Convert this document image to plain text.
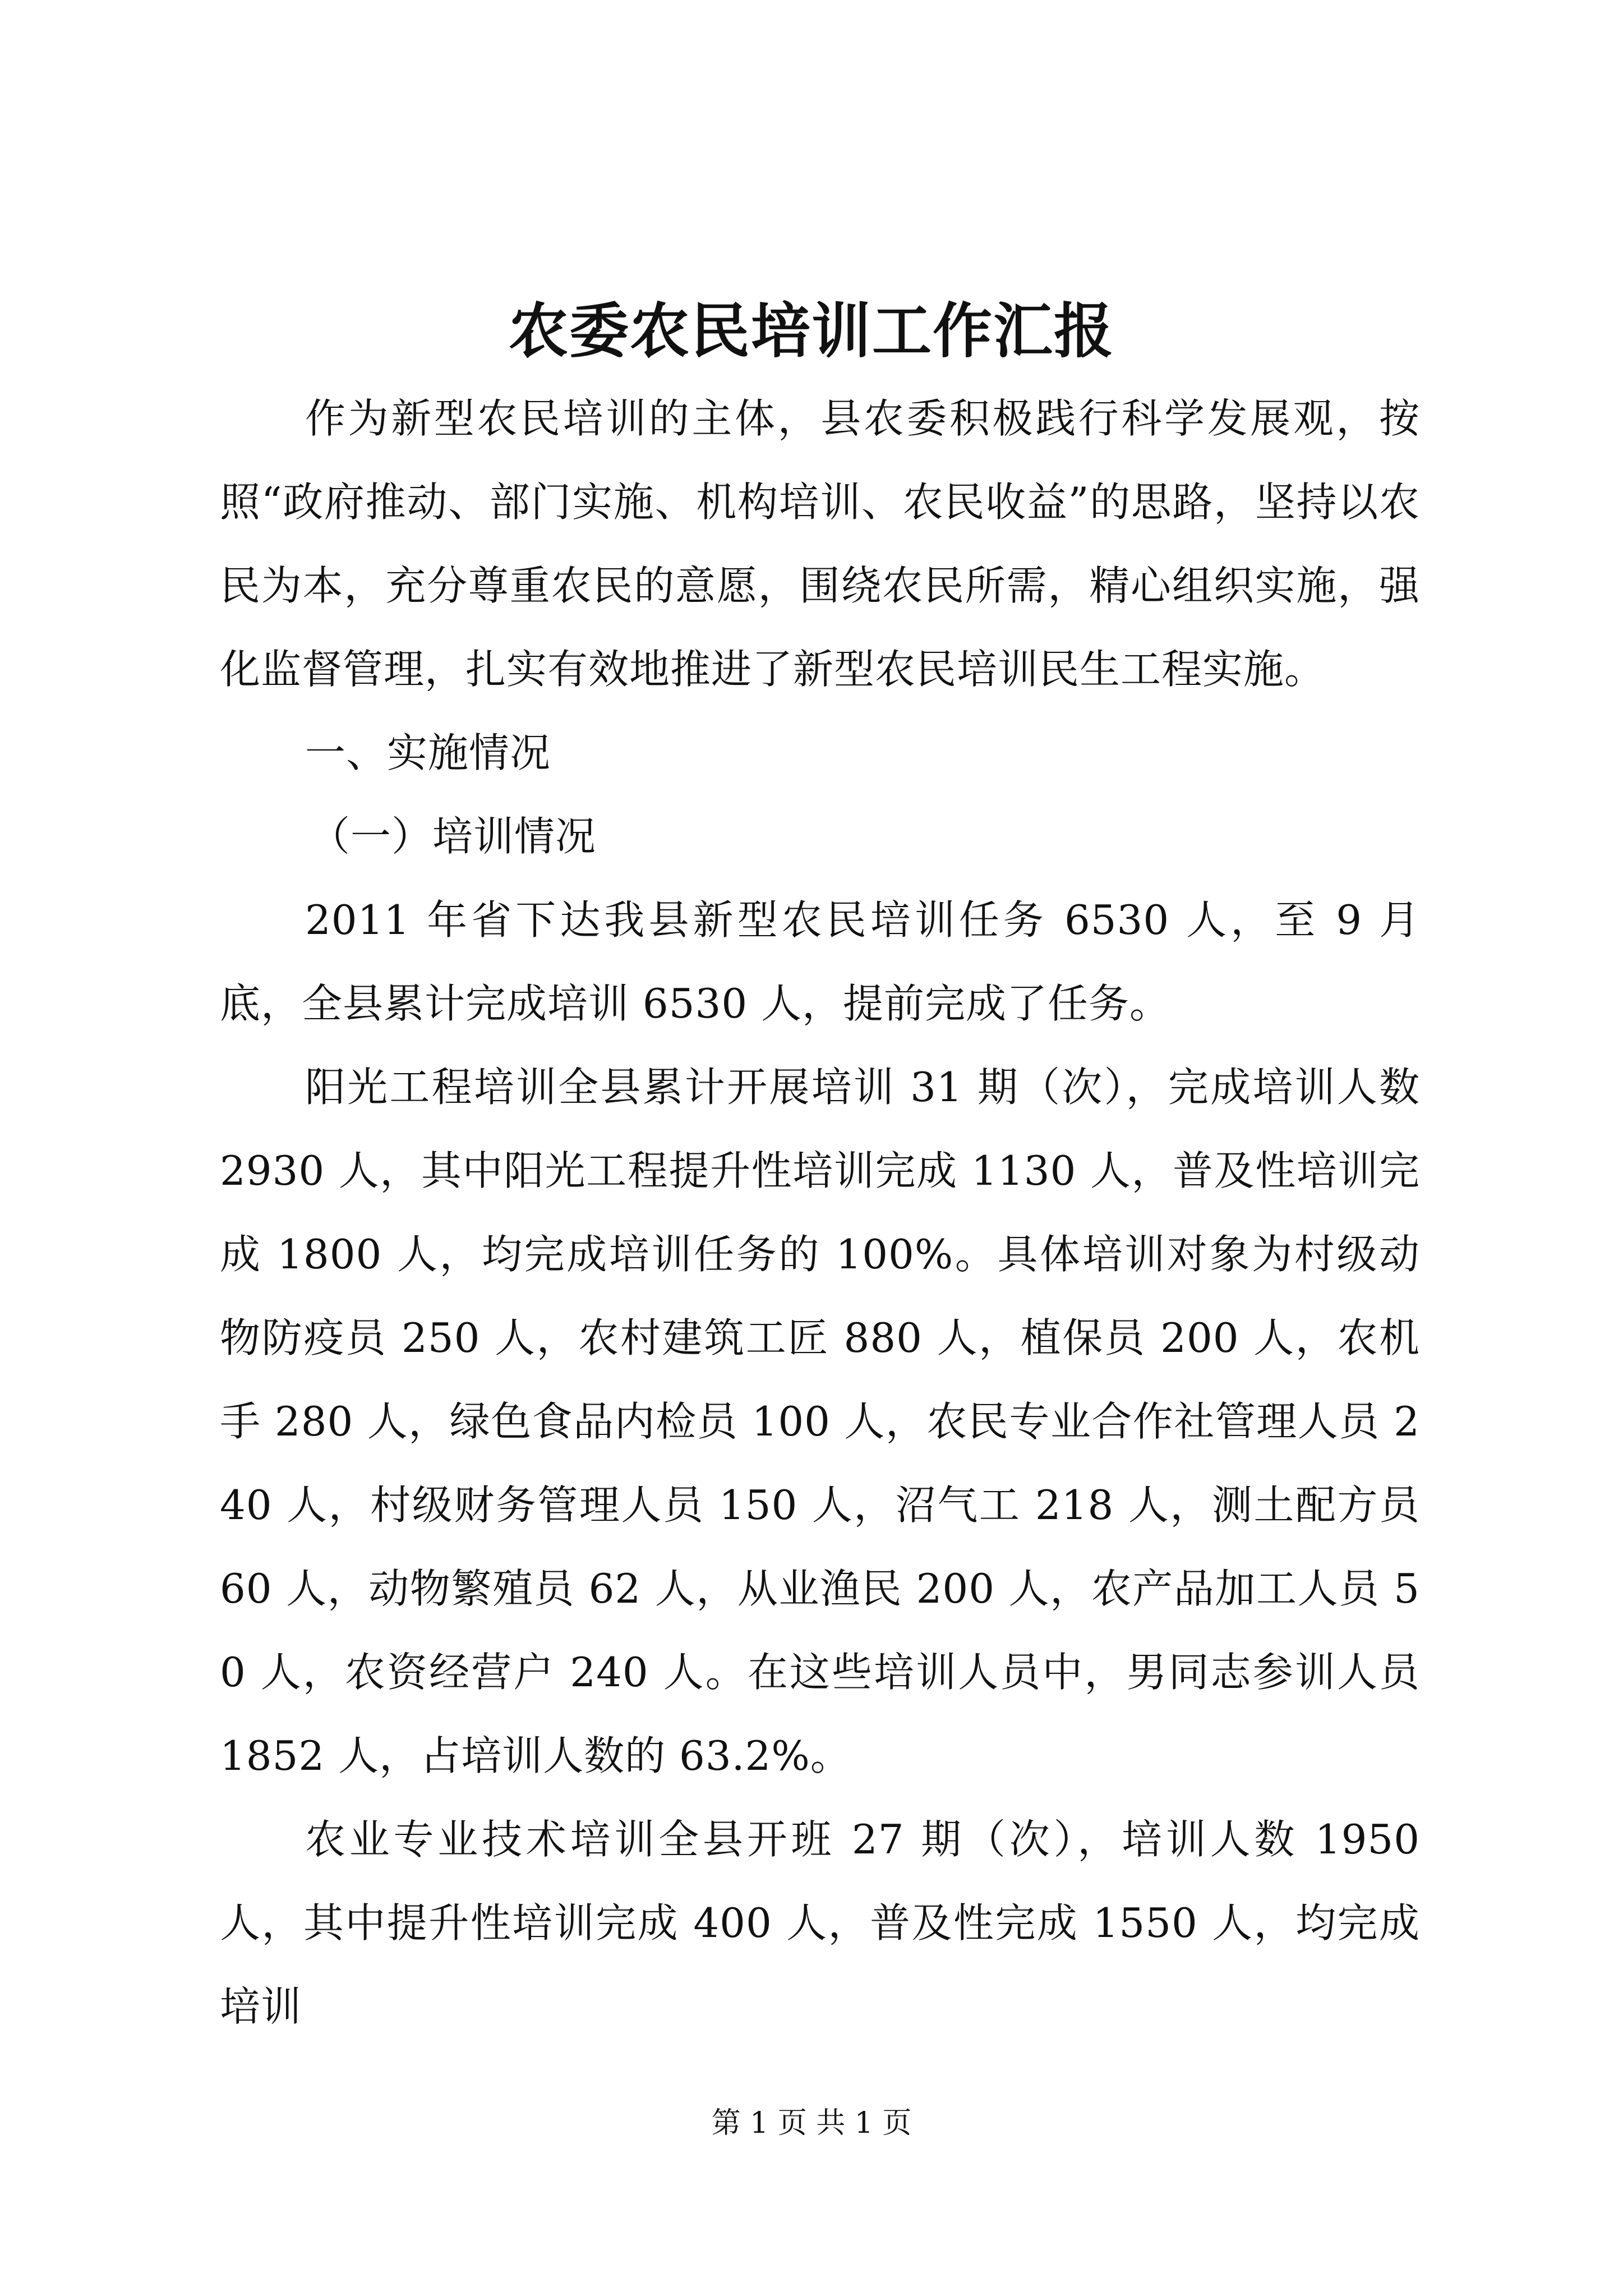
农委农民培训工作汇报

作为新型农民培训的主体，县农委积极践行科学发展观，按照“政府推动、部门实施、机构培训、农民收益”的思路，坚持以农民为本，充分尊重农民的意愿，围绕农民所需，精心组织实施，强化监督管理，扎实有效地推进了新型农民培训民生工程实施。

一、实施情况

（一）培训情况

2011 年省下达我县新型农民培训任务 6530 人，至 9 月底，全县累计完成培训 6530 人，提前完成了任务。

阳光工程培训全县累计开展培训 31 期（次），完成培训人数 2930 人，其中阳光工程提升性培训完成 1130 人，普及性培训完成 1800 人，均完成培训任务的 100%。具体培训对象为村级动物防疫员 250 人，农村建筑工匠 880 人，植保员 200 人，农机手 280 人，绿色食品内检员 100 人，农民专业合作社管理人员 240 人，村级财务管理人员 150 人，沼气工 218 人，测土配方员 60 人，动物繁殖员 62 人，从业渔民 200 人，农产品加工人员 50 人，农资经营户 240 人。在这些培训人员中，男同志参训人员 1852 人，占培训人数的 63.2%。

农业专业技术培训全县开班 27 期（次），培训人数 1950 人，其中提升性培训完成 400 人，普及性完成 1550 人，均完成培训

第 1 页 共 1 页
